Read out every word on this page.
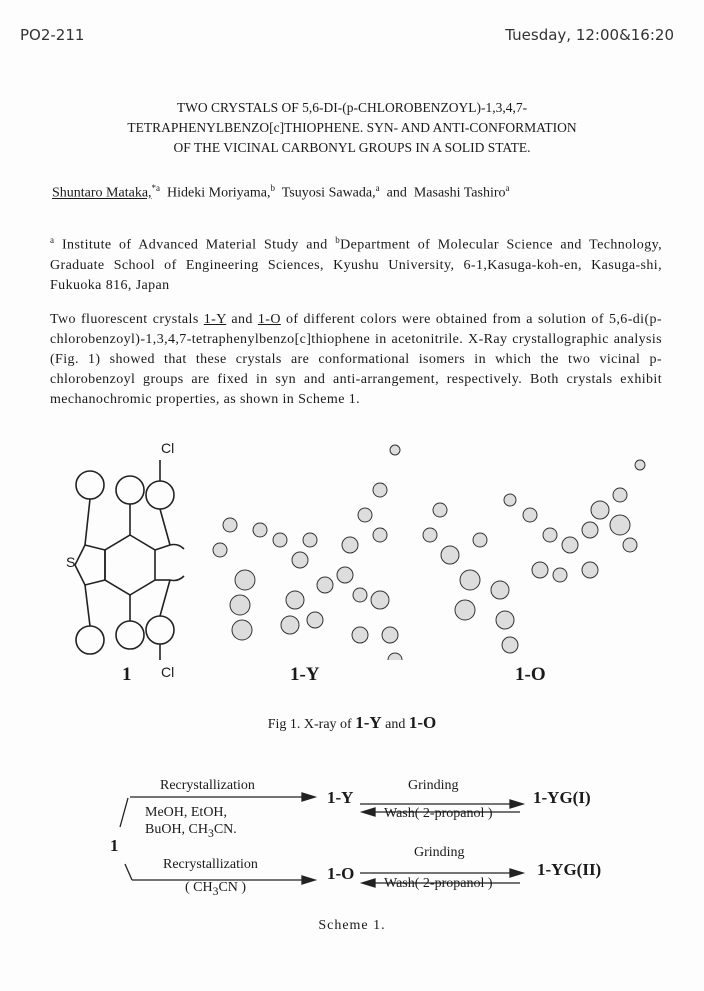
PO2-211	Tuesday, 12:00&16:20
TWO CRYSTALS OF 5,6-DI-(p-CHLOROBENZOYL)-1,3,4,7-
TETRAPHENYLBENZO[c]THIOPHENE. SYN- AND ANTI-CONFORMATION
OF THE VICINAL CARBONYL GROUPS IN A SOLID STATE.
Shuntaro Mataka,$^{*a}$ Hideki Moriyama,$^b$ Tsuyosi Sawada,$^a$ and Masashi Tashiro$^a$
$^a$ Institute of Advanced Material Study and $^b$Department of Molecular Science and Technology, Graduate School of Engineering Sciences, Kyushu University, 6-1,Kasuga-koh-en, Kasuga-shi, Fukuoka 816, Japan
Two fluorescent crystals 1-Y and 1-O of different colors were obtained from a solution of 5,6-di(p-chlorobenzoyl)-1,3,4,7-tetraphenylbenzo[c]thiophene in acetonitrile. X-Ray crystallographic analysis (Fig. 1) showed that these crystals are conformational isomers in which the two vicinal p-chlorobenzoyl groups are fixed in syn and anti-arrangement, respectively. Both crystals exhibit mechanochromic properties, as shown in Scheme 1.
Cl
Cl
S
1	1-Y	1-O
Fig 1. X-ray of 1-Y and 1-O
Recrystallization
MeOH, EtOH,
BuOH, $CH_3CN$.
1
Recrystallization
( $CH_3CN$ )
1-Y
1-O
Grinding
Wash( 2-propanol )
Grinding
Wash( 2-propanol )
1-YG(I)
1-YG(II)
Scheme 1.
